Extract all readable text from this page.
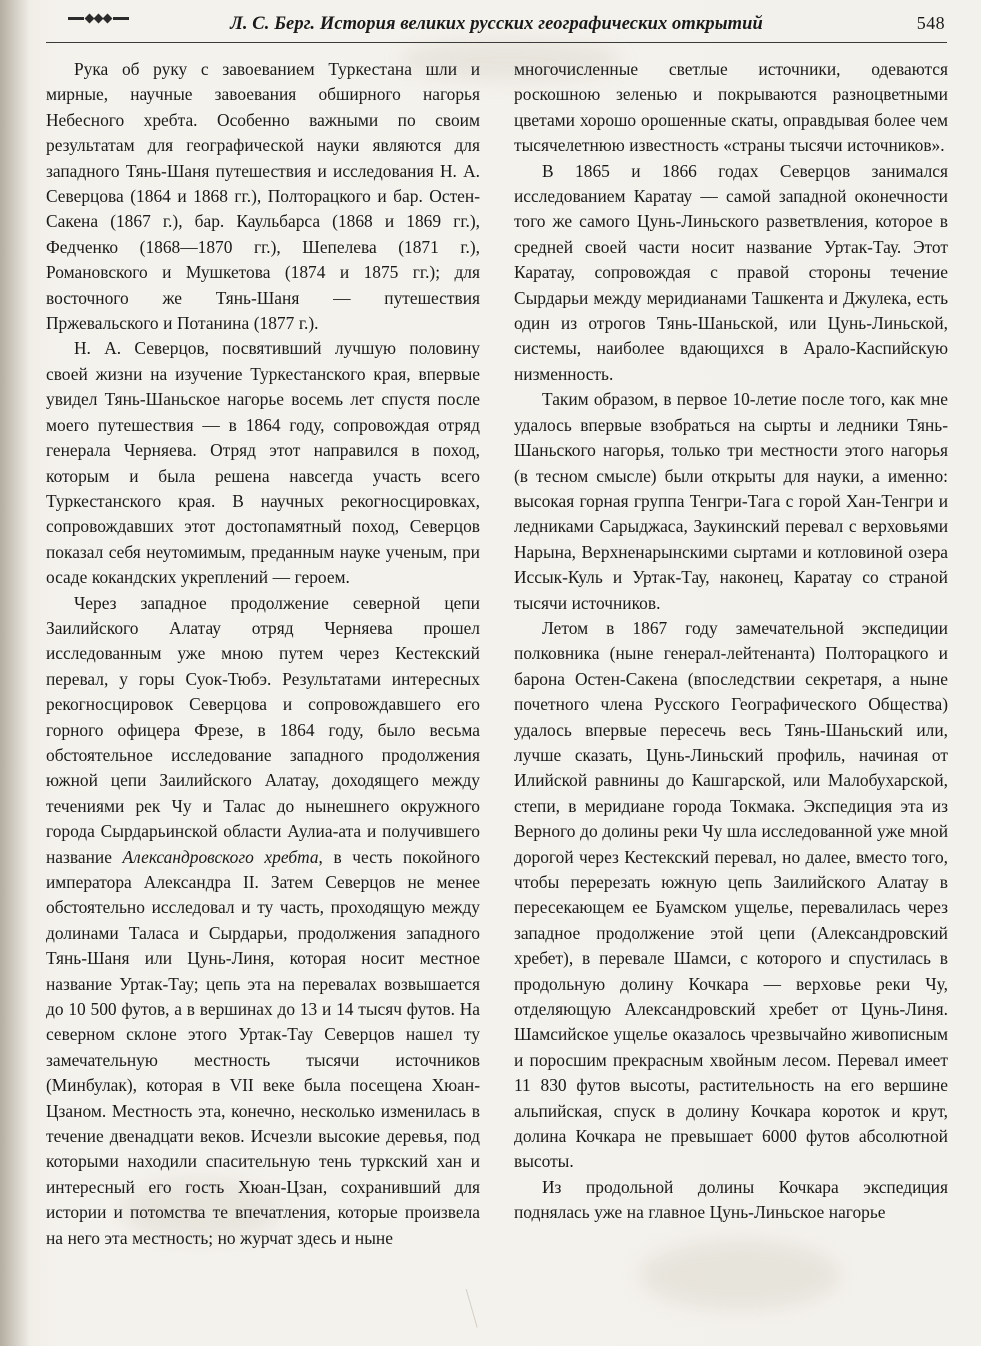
Л. С. Берг. История великих русских географических открытий	548

Рука об руку с завоеванием Туркестана шли и мирные, научные завоевания обширного нагорья Небесного хребта. Особенно важными по своим результатам для географической науки являются для западного Тянь-Шаня путешествия и исследования Н. А. Северцова (1864 и 1868 гг.), Полторацкого и бар. Остен-Сакена (1867 г.), бар. Каульбарса (1868 и 1869 гг.), Федченко (1868—1870 гг.), Шепелева (1871 г.), Романовского и Мушкетова (1874 и 1875 гг.); для восточного же Тянь-Шаня — путешествия Пржевальского и Потанина (1877 г.).

Н. А. Северцов, посвятивший лучшую половину своей жизни на изучение Туркестанского края, впервые увидел Тянь-Шаньское нагорье восемь лет спустя после моего путешествия — в 1864 году, сопровождая отряд генерала Черняева. Отряд этот направился в поход, которым и была решена навсегда участь всего Туркестанского края. В научных рекогносцировках, сопровождавших этот достопамятный поход, Северцов показал себя неутомимым, преданным науке ученым, при осаде кокандских укреплений — героем.

Через западное продолжение северной цепи Заилийского Алатау отряд Черняева прошел исследованным уже мною путем через Кестекский перевал, у горы Суок-Тюбэ. Результатами интересных рекогносцировок Северцова и сопровождавшего его горного офицера Фрезе, в 1864 году, было весьма обстоятельное исследование западного продолжения южной цепи Заилийского Алатау, доходящего между течениями рек Чу и Талас до нынешнего окружного города Сырдарьинской области Аулиа-ата и получившего название Александровского хребта, в честь покойного императора Александра II. Затем Северцов не менее обстоятельно исследовал и ту часть, проходящую между долинами Таласа и Сырдарьи, продолжения западного Тянь-Шаня или Цунь-Линя, которая носит местное название Уртак-Тау; цепь эта на перевалах возвышается до 10 500 футов, а в вершинах до 13 и 14 тысяч футов. На северном склоне этого Уртак-Тау Северцов нашел ту замечательную местность тысячи источников (Минбулак), которая в VII веке была посещена Хюан-Цзаном. Местность эта, конечно, несколько изменилась в течение двенадцати веков. Исчезли высокие деревья, под которыми находили спасительную тень туркский хан и интересный его гость Хюан-Цзан, сохранивший для истории и потомства те впечатления, которые произвела на него эта местность; но журчат здесь и ныне

многочисленные светлые источники, одеваются роскошною зеленью и покрываются разноцветными цветами хорошо орошенные скаты, оправдывая более чем тысячелетнюю известность «страны тысячи источников».

В 1865 и 1866 годах Северцов занимался исследованием Каратау — самой западной оконечности того же самого Цунь-Линьского разветвления, которое в средней своей части носит название Уртак-Тау. Этот Каратау, сопровождая с правой стороны течение Сырдарьи между меридианами Ташкента и Джулека, есть один из отрогов Тянь-Шаньской, или Цунь-Линьской, системы, наиболее вдающихся в Арало-Каспийскую низменность.

Таким образом, в первое 10-летие после того, как мне удалось впервые взобраться на сырты и ледники Тянь-Шаньского нагорья, только три местности этого нагорья (в тесном смысле) были открыты для науки, а именно: высокая горная группа Тенгри-Тага с горой Хан-Тенгри и ледниками Сарыджаса, Заукинский перевал с верховьями Нарына, Верхненарынскими сыртами и котловиной озера Иссык-Куль и Уртак-Тау, наконец, Каратау со страной тысячи источников.

Летом в 1867 году замечательной экспедиции полковника (ныне генерал-лейтенанта) Полторацкого и барона Остен-Сакена (впоследствии секретаря, а ныне почетного члена Русского Географического Общества) удалось впервые пересечь весь Тянь-Шаньский или, лучше сказать, Цунь-Линьский профиль, начиная от Илийской равнины до Кашгарской, или Малобухарской, степи, в меридиане города Токмака. Экспедиция эта из Верного до долины реки Чу шла исследованной уже мной дорогой через Кестекский перевал, но далее, вместо того, чтобы перерезать южную цепь Заилийского Алатау в пересекающем ее Буамском ущелье, перевалилась через западное продолжение этой цепи (Александровский хребет), в перевале Шамси, с которого и спустилась в продольную долину Кочкара — верховье реки Чу, отделяющую Александровский хребет от Цунь-Линя. Шамсийское ущелье оказалось чрезвычайно живописным и поросшим прекрасным хвойным лесом. Перевал имеет 11 830 футов высоты, растительность на его вершине альпийская, спуск в долину Кочкара короток и крут, долина Кочкара не превышает 6000 футов абсолютной высоты.

Из продольной долины Кочкара экспедиция поднялась уже на главное Цунь-Линьское нагорье
